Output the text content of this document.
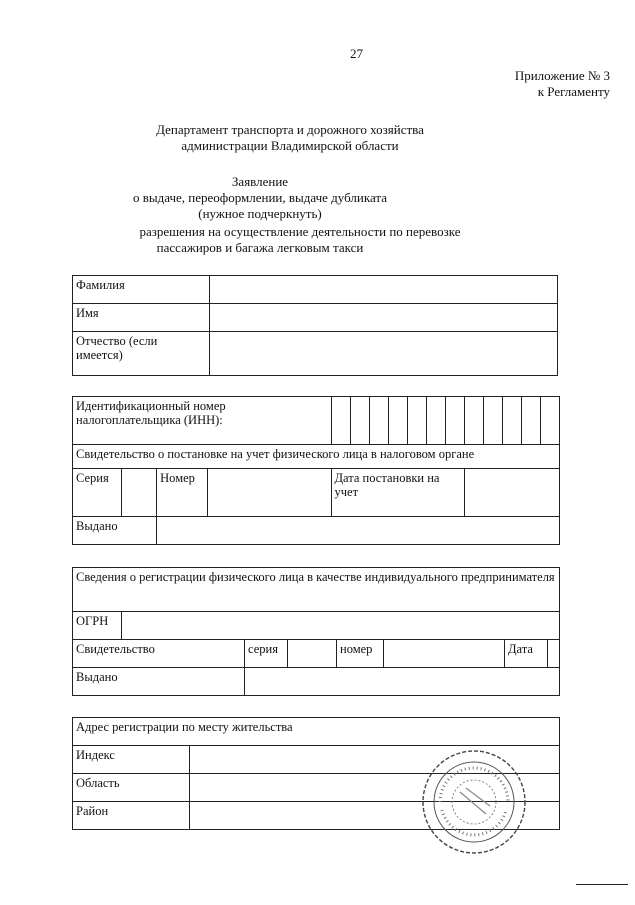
27
Приложение № 3
к Регламенту
Департамент транспорта и дорожного хозяйства
администрации Владимирской области
Заявление
о выдаче, переоформлении, выдаче дубликата
(нужное подчеркнуть)
разрешения на осуществление деятельности по перевозке
пассажиров и багажа легковым такси
Фамилия	
Имя	
Отчество (если имеется)	
Идентификационный номер налогоплательщика (ИНН):															
Свидетельство о постановке на учет физического лица в налоговом органе															
Серия		Номер		Дата постановки на учет											
Выдано															
Сведения о регистрации физического лица в качестве индивидуального предпринимателя							
ОГРН							
Свидетельство		серия		номер		Дата	
Выдано							
Адрес регистрации по месту жительства	
Индекс	
Область	
Район	
